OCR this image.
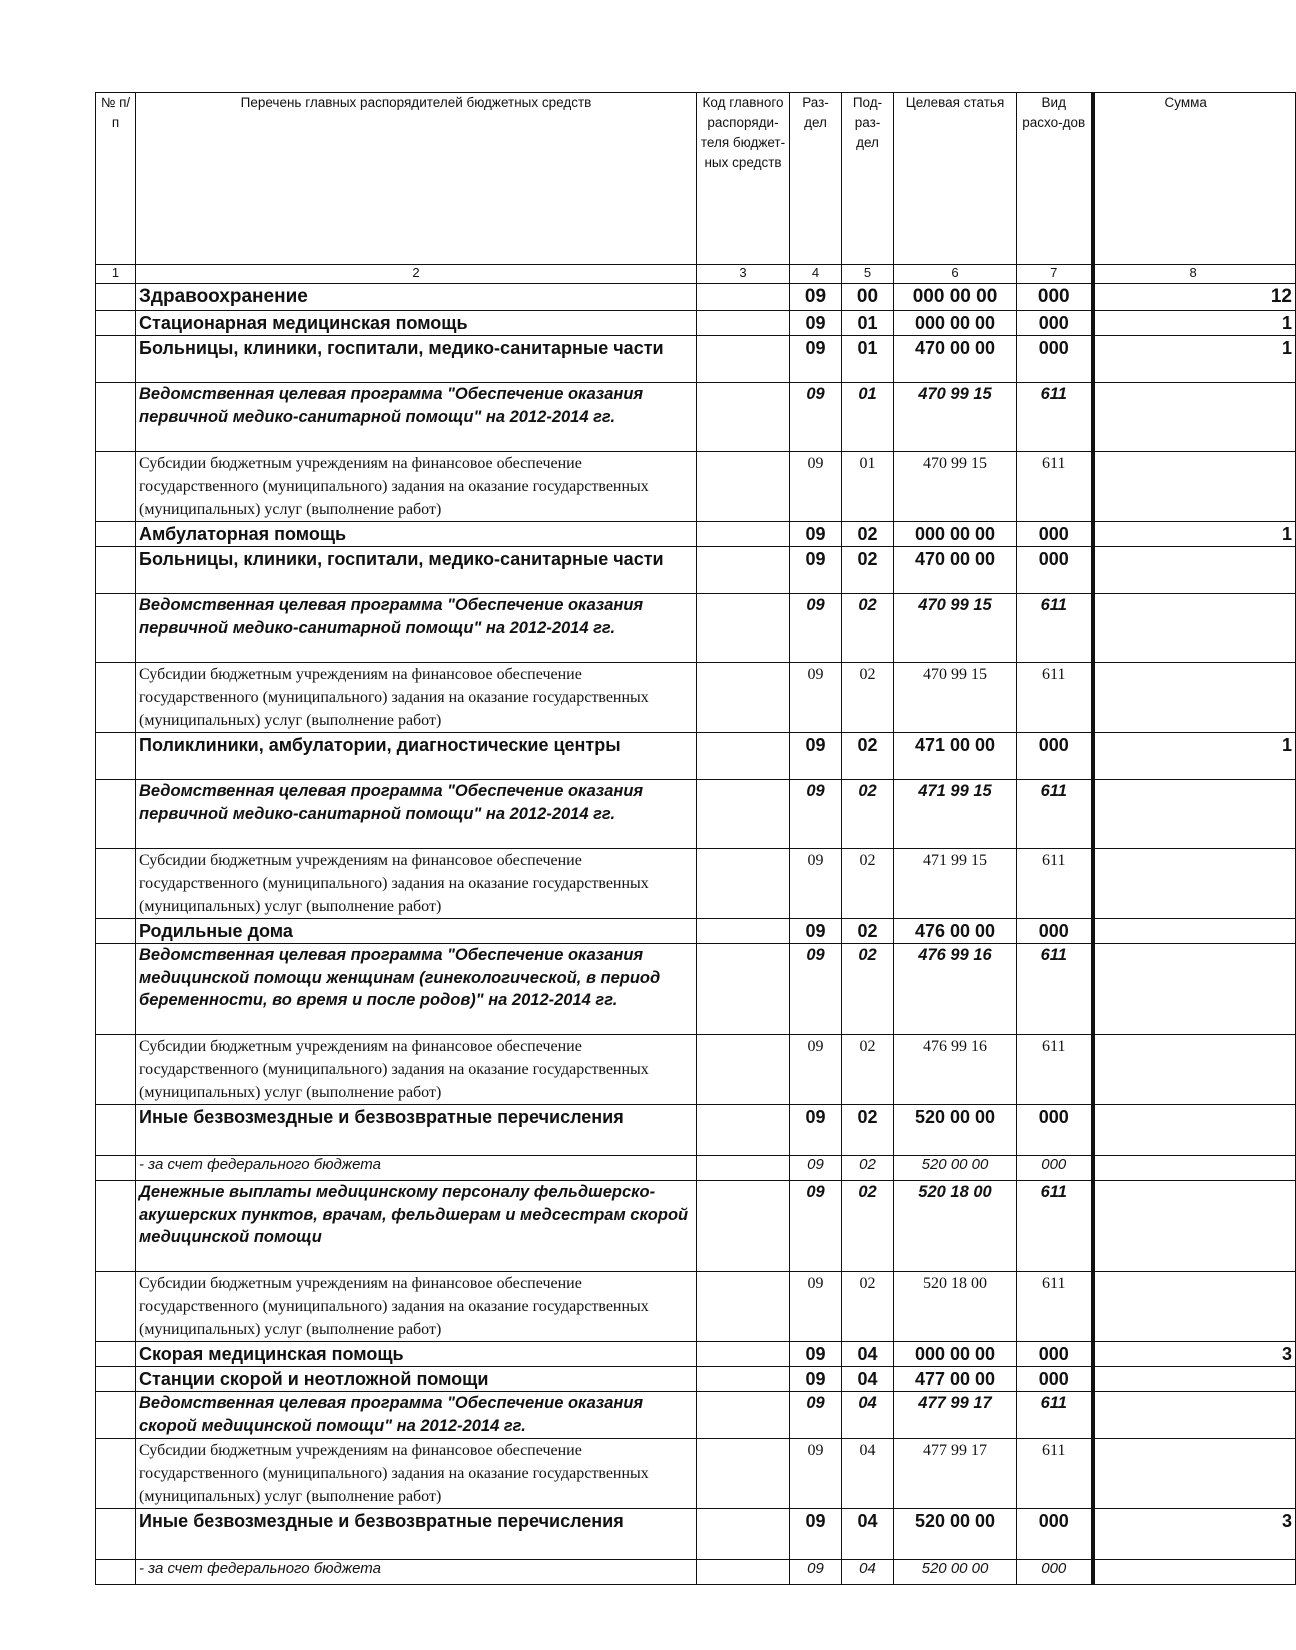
№ п/п	Перечень главных распорядителей бюджетных средств	Код главного распоряди-теля бюджет-ных средств	Раз-дел	Под-раз-дел	Целевая статья	Вид расхо-дов	Сумма
1	2	3	4	5	6	7	8
	Здравоохранение		09	00	000 00 00	000	12
	Стационарная медицинская помощь		09	01	000 00 00	000	1
	Больницы, клиники, госпитали, медико-санитарные части		09	01	470 00 00	000	1
	Ведомственная целевая программа "Обеспечение оказания первичной медико-санитарной помощи" на 2012-2014 гг.		09	01	470 99 15	611	
	Субсидии бюджетным учреждениям на финансовое обеспечение государственного (муниципального) задания на оказание государственных (муниципальных) услуг (выполнение работ)		09	01	470 99 15	611	
	Амбулаторная помощь		09	02	000 00 00	000	1
	Больницы, клиники, госпитали, медико-санитарные части		09	02	470 00 00	000	
	Ведомственная целевая программа "Обеспечение оказания первичной медико-санитарной помощи" на 2012-2014 гг.		09	02	470 99 15	611	
	Субсидии бюджетным учреждениям на финансовое обеспечение государственного (муниципального) задания на оказание государственных (муниципальных) услуг (выполнение работ)		09	02	470 99 15	611	
	Поликлиники, амбулатории, диагностические центры		09	02	471 00 00	000	1
	Ведомственная целевая программа "Обеспечение оказания первичной медико-санитарной помощи" на 2012-2014 гг.		09	02	471 99 15	611	
	Субсидии бюджетным учреждениям на финансовое обеспечение государственного (муниципального) задания на оказание государственных (муниципальных) услуг (выполнение работ)		09	02	471 99 15	611	
	Родильные дома		09	02	476 00 00	000	
	Ведомственная целевая программа "Обеспечение оказания медицинской помощи женщинам (гинекологической, в период беременности, во время и после родов)" на 2012-2014 гг.		09	02	476 99 16	611	
	Субсидии бюджетным учреждениям на финансовое обеспечение государственного (муниципального) задания на оказание государственных (муниципальных) услуг (выполнение работ)		09	02	476 99 16	611	
	Иные безвозмездные и безвозвратные перечисления		09	02	520 00 00	000	
	- за счет федерального бюджета		09	02	520 00 00	000	
	Денежные выплаты медицинскому персоналу фельдшерско-акушерских пунктов, врачам, фельдшерам и медсестрам скорой медицинской помощи		09	02	520 18 00	611	
	Субсидии бюджетным учреждениям на финансовое обеспечение государственного (муниципального) задания на оказание государственных (муниципальных) услуг (выполнение работ)		09	02	520 18 00	611	
	Скорая медицинская помощь		09	04	000 00 00	000	3
	Станции скорой и неотложной помощи		09	04	477 00 00	000	
	Ведомственная целевая программа "Обеспечение оказания скорой медицинской помощи" на 2012-2014 гг.		09	04	477 99 17	611	
	Субсидии бюджетным учреждениям на финансовое обеспечение государственного (муниципального) задания на оказание государственных (муниципальных) услуг (выполнение работ)		09	04	477 99 17	611	
	Иные безвозмездные и безвозвратные перечисления		09	04	520 00 00	000	3
	- за счет федерального бюджета		09	04	520 00 00	000	
